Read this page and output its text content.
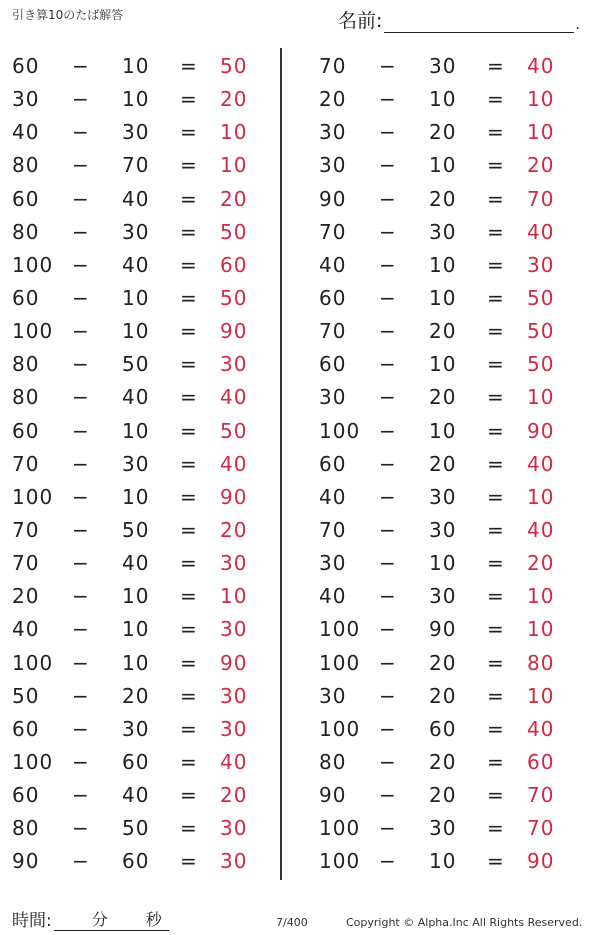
引き算10のたば解答	名前:	.
60	− 10	= 50
30	− 10	= 20
40	− 30	= 10
80	− 70	= 10
60	− 40	= 20
80	− 30	= 50
100 − 40	= 60
60	− 10	= 50
100 − 10	= 90
80	− 50	= 30
80	− 40	= 40
60	− 10	= 50
70	− 30	= 40
100 − 10	= 90
70	− 50	= 20
70	− 40	= 30
20	− 10	= 10
40	− 10	= 30
100 − 10	= 90
50	− 20	= 30
60	− 30	= 30
100 − 60	= 40
60	− 40	= 20
80	− 50	= 30
90	− 60	= 30
70	− 30	= 40
20	− 10	= 10
30	− 20	= 10
30	− 10	= 20
90	− 20	= 70
70	− 30	= 40
40	− 10	= 30
60	− 10	= 50
70	− 20	= 50
60	− 10	= 50
30	− 20	= 10
100 − 10	= 90
60	− 20	= 40
40	− 30	= 10
70	− 30	= 40
30	− 10	= 20
40	− 30	= 10
100 − 90	= 10
100 − 20	= 80
30	− 20	= 10
100 − 60	= 40
80	− 20	= 60
90	− 20	= 70
100 − 30	= 70
100 − 10	= 90
時間:	分 秒	7/400	Copyright © Alpha.Inc All Rights Reserved.
